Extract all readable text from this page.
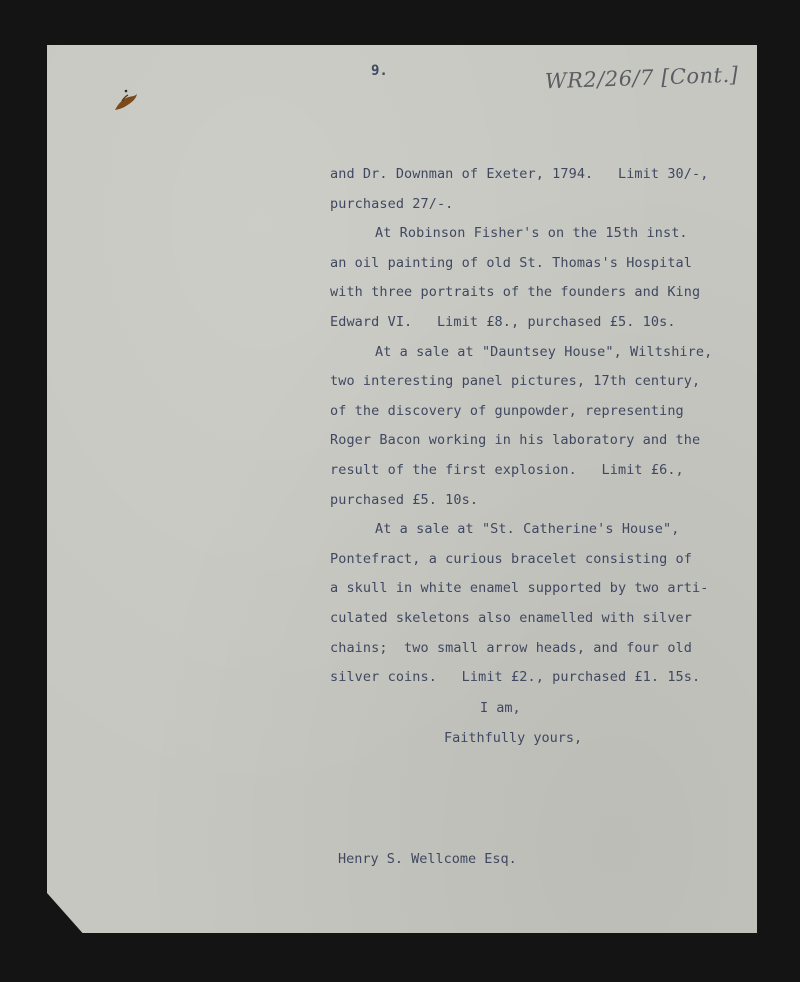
9.	WR2/26/7 [Cont.]
and Dr. Downman of Exeter, 1794.   Limit 30/-,
purchased 27/-.
At Robinson Fisher's on the 15th inst.
an oil painting of old St. Thomas's Hospital
with three portraits of the founders and King
Edward VI.   Limit £8., purchased £5. 10s.
At a sale at "Dauntsey House", Wiltshire,
two interesting panel pictures, 17th century,
of the discovery of gunpowder, representing
Roger Bacon working in his laboratory and the
result of the first explosion.   Limit £6.,
purchased £5. 10s.
At a sale at "St. Catherine's House",
Pontefract, a curious bracelet consisting of
a skull in white enamel supported by two arti-
culated skeletons also enamelled with silver
chains;  two small arrow heads, and four old
silver coins.   Limit £2., purchased £1. 15s.
I am,
Faithfully yours,
Henry S. Wellcome Esq.
